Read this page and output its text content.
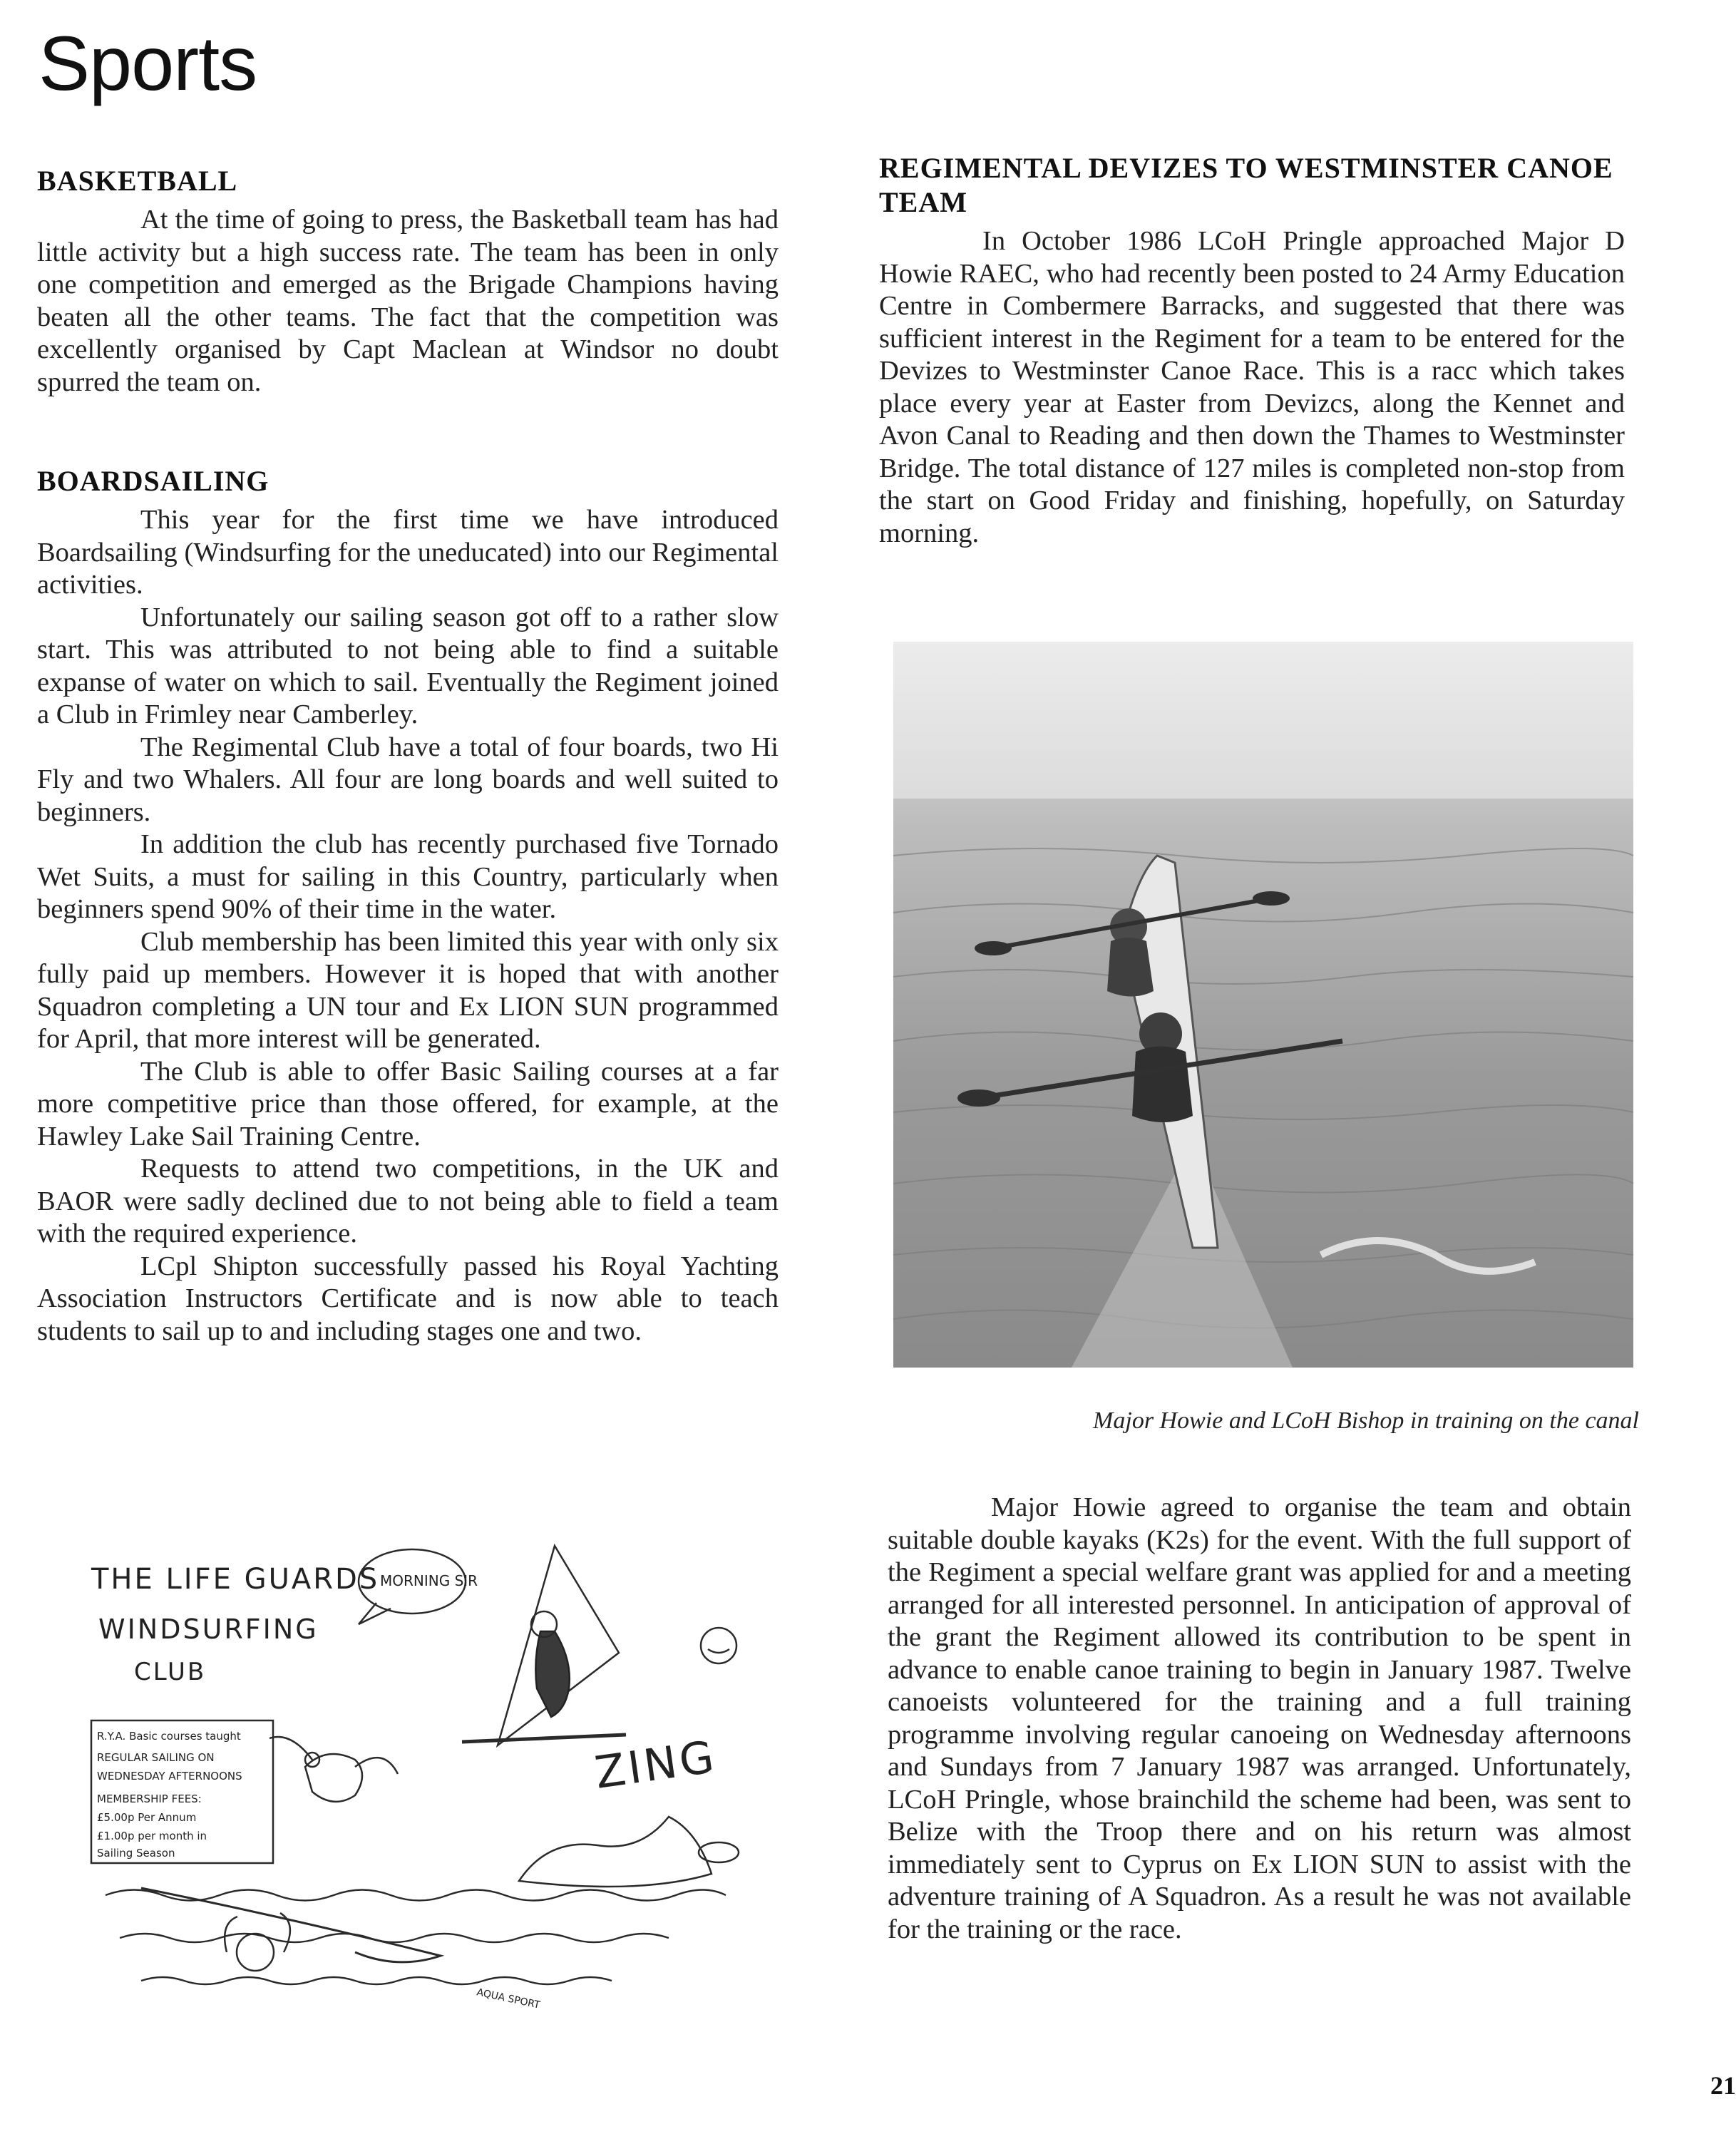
Sports
BASKETBALL

At the time of going to press, the Basketball team has had little activity but a high success rate. The team has been in only one competition and emerged as the Brigade Champions having beaten all the other teams. The fact that the competition was excellently organised by Capt Maclean at Windsor no doubt spurred the team on.

BOARDSAILING

This year for the first time we have introduced Boardsailing (Windsurfing for the uneducated) into our Regimental activities.

Unfortunately our sailing season got off to a rather slow start. This was attributed to not being able to find a suitable expanse of water on which to sail. Eventually the Regiment joined a Club in Frimley near Camberley.

The Regimental Club have a total of four boards, two Hi Fly and two Whalers. All four are long boards and well suited to beginners.

In addition the club has recently purchased five Tornado Wet Suits, a must for sailing in this Country, particularly when beginners spend 90% of their time in the water.

Club membership has been limited this year with only six fully paid up members. However it is hoped that with another Squadron completing a UN tour and Ex LION SUN programmed for April, that more interest will be generated.

The Club is able to offer Basic Sailing courses at a far more competitive price than those offered, for example, at the Hawley Lake Sail Training Centre.

Requests to attend two competitions, in the UK and BAOR were sadly declined due to not being able to field a team with the required experience.

LCpl Shipton successfully passed his Royal Yachting Association Instructors Certificate and is now able to teach students to sail up to and including stages one and two.

THE LIFE GUARDS
WINDSURFING
CLUB
MORNING SIR
ZING
R.Y.A. Basic courses taught
REGULAR SAILING ON
WEDNESDAY AFTERNOONS
MEMBERSHIP FEES:
£5.00p Per Annum
£1.00p per month in
Sailing Season
AQUA SPORT
REGIMENTAL DEVIZES TO WESTMINSTER CANOE TEAM

In October 1986 LCoH Pringle approached Major D Howie RAEC, who had recently been posted to 24 Army Education Centre in Combermere Barracks, and suggested that there was sufficient interest in the Regiment for a team to be entered for the Devizes to Westminster Canoe Race. This is a racc which takes place every year at Easter from Devizcs, along the Kennet and Avon Canal to Reading and then down the Thames to Westminster Bridge. The total distance of 127 miles is completed non-stop from the start on Good Friday and finishing, hopefully, on Saturday morning.

Major Howie and LCoH Bishop in training on the canal

Major Howie agreed to organise the team and obtain suitable double kayaks (K2s) for the event. With the full support of the Regiment a special welfare grant was applied for and a meeting arranged for all interested personnel. In anticipation of approval of the grant the Regiment allowed its contribution to be spent in advance to enable canoe training to begin in January 1987. Twelve canoeists volunteered for the training and a full training programme involving regular canoeing on Wednesday afternoons and Sundays from 7 January 1987 was arranged. Unfortunately, LCoH Pringle, whose brainchild the scheme had been, was sent to Belize with the Troop there and on his return was almost immediately sent to Cyprus on Ex LION SUN to assist with the adventure training of A Squadron. As a result he was not available for the training or the race.

21
